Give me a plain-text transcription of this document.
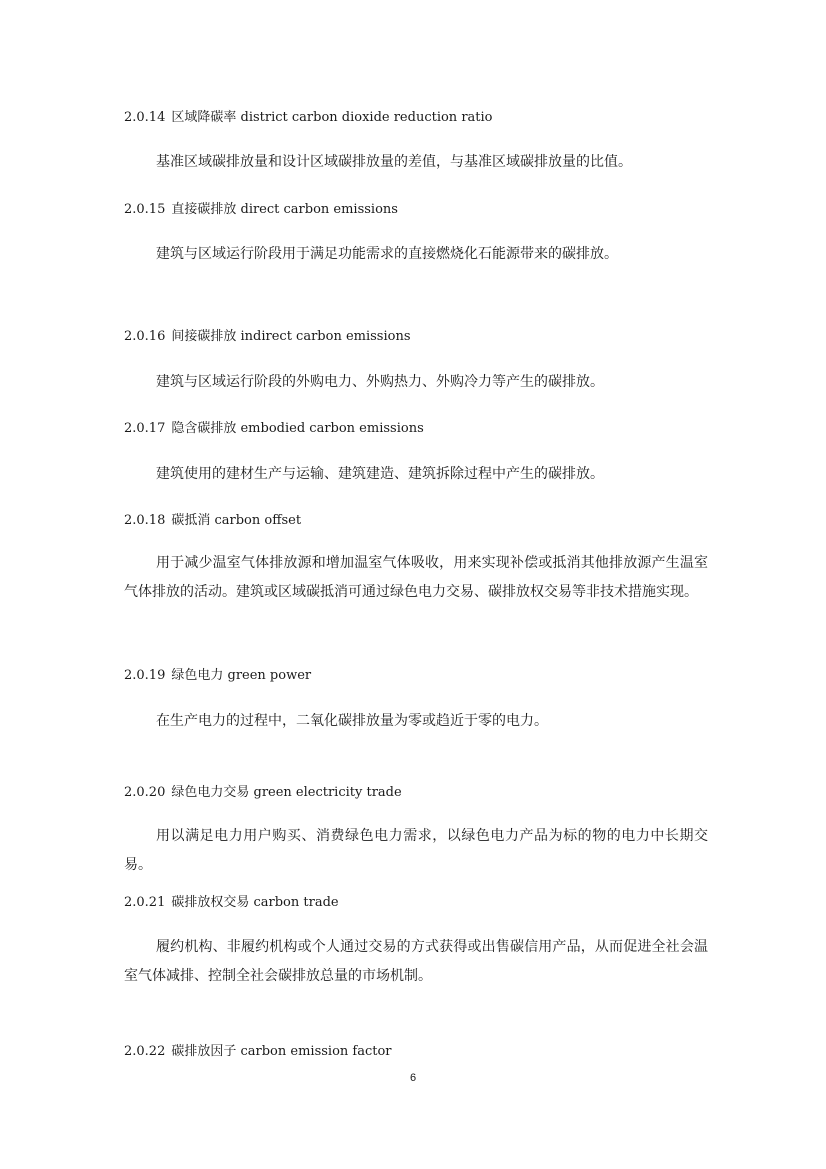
2.0.14 区域降碳率 district carbon dioxide reduction ratio
基准区域碳排放量和设计区域碳排放量的差值，与基准区域碳排放量的比值。
2.0.15 直接碳排放 direct carbon emissions
建筑与区域运行阶段用于满足功能需求的直接燃烧化石能源带来的碳排放。
2.0.16 间接碳排放 indirect carbon emissions
建筑与区域运行阶段的外购电力、外购热力、外购冷力等产生的碳排放。
2.0.17 隐含碳排放 embodied carbon emissions
建筑使用的建材生产与运输、建筑建造、建筑拆除过程中产生的碳排放。
2.0.18 碳抵消 carbon offset
用于减少温室气体排放源和增加温室气体吸收，用来实现补偿或抵消其他排放源产生温室气体排放的活动。建筑或区域碳抵消可通过绿色电力交易、碳排放权交易等非技术措施实现。
2.0.19 绿色电力 green power
在生产电力的过程中，二氧化碳排放量为零或趋近于零的电力。
2.0.20 绿色电力交易 green electricity trade
用以满足电力用户购买、消费绿色电力需求，以绿色电力产品为标的物的电力中长期交易。
2.0.21 碳排放权交易 carbon trade
履约机构、非履约机构或个人通过交易的方式获得或出售碳信用产品，从而促进全社会温室气体减排、控制全社会碳排放总量的市场机制。
2.0.22 碳排放因子 carbon emission factor
6
